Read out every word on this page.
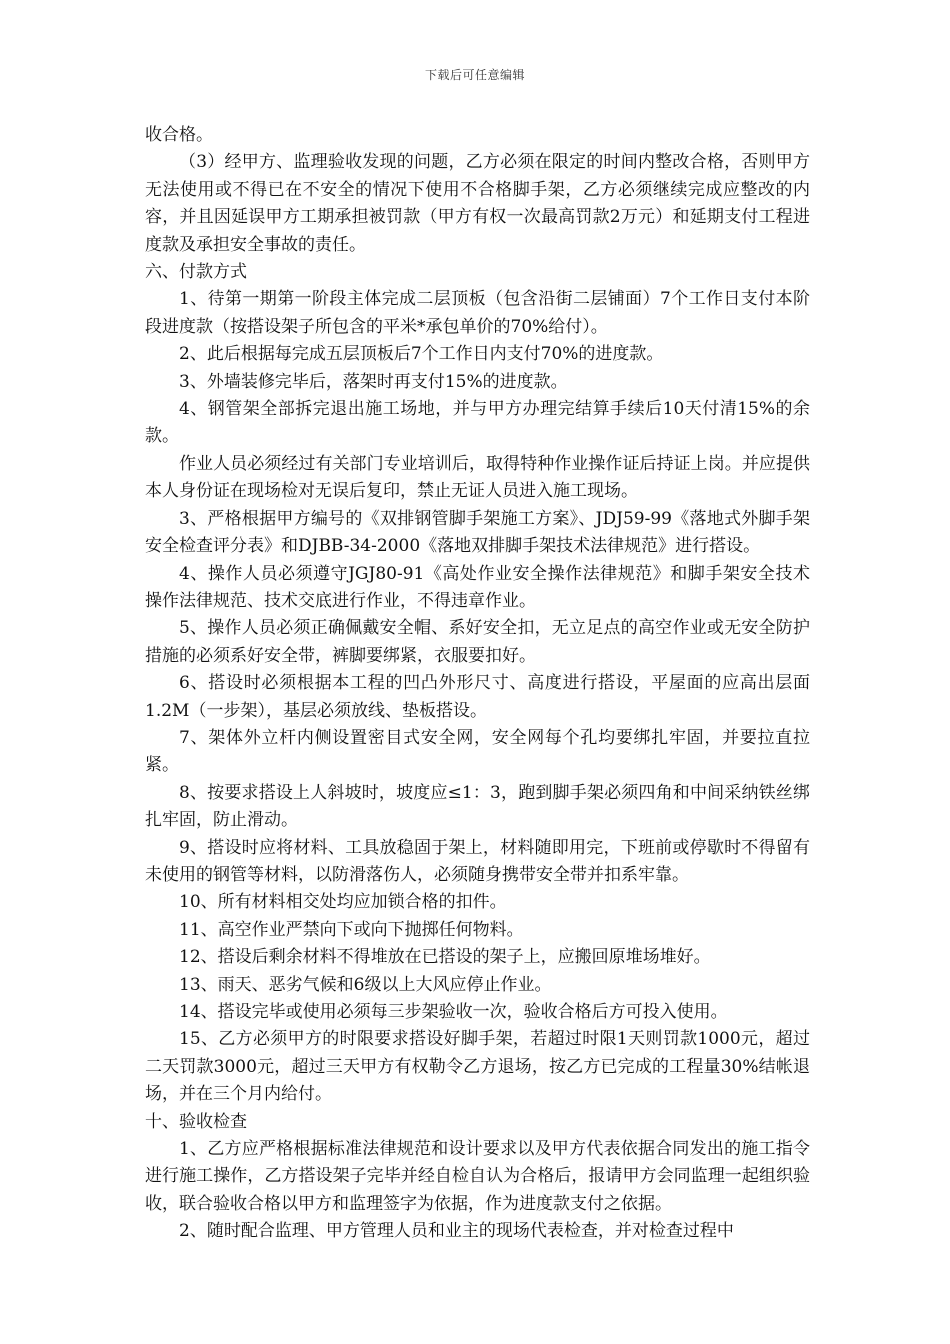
下载后可任意编辑

收合格。

（3）经甲方、监理验收发现的问题，乙方必须在限定的时间内整改合格，否则甲方无法使用或不得已在不安全的情况下使用不合格脚手架，乙方必须继续完成应整改的内容，并且因延误甲方工期承担被罚款（甲方有权一次最高罚款2万元）和延期支付工程进度款及承担安全事故的责任。

六、付款方式

1、待第一期第一阶段主体完成二层顶板（包含沿街二层铺面）7个工作日支付本阶段进度款（按搭设架子所包含的平米*承包单价的70%给付）。

2、此后根据每完成五层顶板后7个工作日内支付70%的进度款。

3、外墙装修完毕后，落架时再支付15%的进度款。

4、钢管架全部拆完退出施工场地，并与甲方办理完结算手续后10天付清15%的余款。

作业人员必须经过有关部门专业培训后，取得特种作业操作证后持证上岗。并应提供本人身份证在现场检对无误后复印，禁止无证人员进入施工现场。

3、严格根据甲方编号的《双排钢管脚手架施工方案》、JDJ59-99《落地式外脚手架安全检查评分表》和DJBB-34-2000《落地双排脚手架技术法律规范》进行搭设。

4、操作人员必须遵守JGJ80-91《高处作业安全操作法律规范》和脚手架安全技术操作法律规范、技术交底进行作业，不得违章作业。

5、操作人员必须正确佩戴安全帽、系好安全扣，无立足点的高空作业或无安全防护措施的必须系好安全带，裤脚要绑紧，衣服要扣好。

6、搭设时必须根据本工程的凹凸外形尺寸、高度进行搭设，平屋面的应高出层面1.2M（一步架），基层必须放线、垫板搭设。

7、架体外立杆内侧设置密目式安全网，安全网每个孔均要绑扎牢固，并要拉直拉紧。

8、按要求搭设上人斜坡时，坡度应≤1：3，跑到脚手架必须四角和中间采纳铁丝绑扎牢固，防止滑动。

9、搭设时应将材料、工具放稳固于架上，材料随即用完，下班前或停歇时不得留有未使用的钢管等材料，以防滑落伤人，必须随身携带安全带并扣系牢靠。

10、所有材料相交处均应加锁合格的扣件。

11、高空作业严禁向下或向下抛掷任何物料。

12、搭设后剩余材料不得堆放在已搭设的架子上，应搬回原堆场堆好。

13、雨天、恶劣气候和6级以上大风应停止作业。

14、搭设完毕或使用必须每三步架验收一次，验收合格后方可投入使用。

15、乙方必须甲方的时限要求搭设好脚手架，若超过时限1天则罚款1000元，超过二天罚款3000元，超过三天甲方有权勒令乙方退场，按乙方已完成的工程量30%结帐退场，并在三个月内给付。

十、验收检查

1、乙方应严格根据标准法律规范和设计要求以及甲方代表依据合同发出的施工指令进行施工操作，乙方搭设架子完毕并经自检自认为合格后，报请甲方会同监理一起组织验收，联合验收合格以甲方和监理签字为依据，作为进度款支付之依据。

2、随时配合监理、甲方管理人员和业主的现场代表检查，并对检查过程中
